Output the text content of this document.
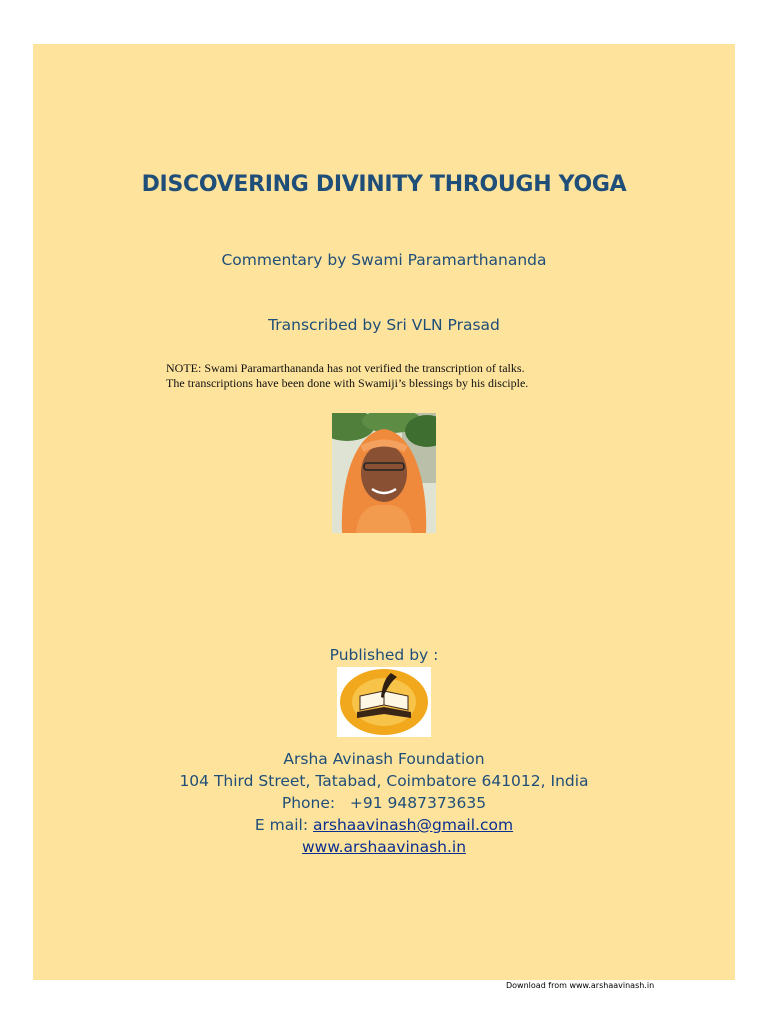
DISCOVERING DIVINITY THROUGH YOGA
Commentary by Swami Paramarthananda
Transcribed by Sri VLN Prasad
NOTE: Swami Paramarthananda has not verified the transcription of talks.
The transcriptions have been done with Swamiji’s blessings by his disciple.
Published by :
Arsha Avinash Foundation
104 Third Street, Tatabad, Coimbatore 641012, India
Phone: +91 9487373635
E mail: arshaavinash@gmail.com
www.arshaavinash.in
Download from www.arshaavinash.in
